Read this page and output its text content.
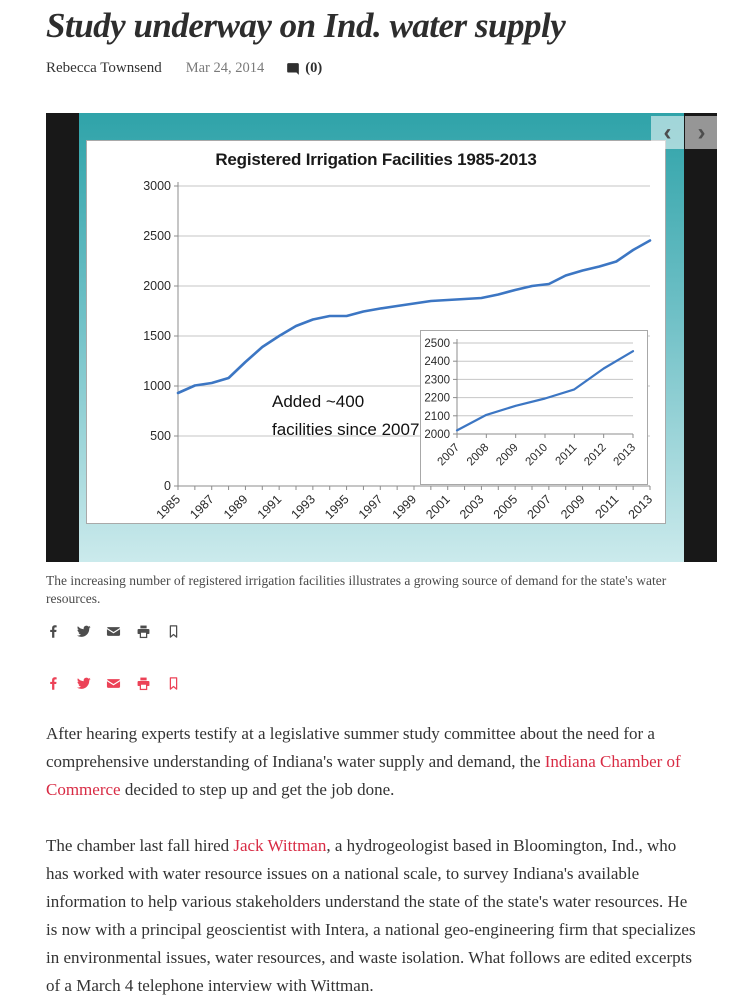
Study underway on Ind. water supply
Rebecca Townsend Mar 24, 2014	(0)
Registered Irrigation Facilities 1985-2013
0
500
1000
1500
2000
2500
3000
1985 1987 1989 1991 1993 1995 1997 1999 2001 2003 2005 2007 2009 2011 2013
Added ~400
facilities since 2007 2000
2100
2200
2300
2400
2500
2007 2008 2009 2010 2011 2012 2013
‹ ›
The increasing number of registered irrigation facilities illustrates a growing source of demand for the state's water resources.

After hearing experts testify at a legislative summer study committee about the need for a comprehensive understanding of Indiana's water supply and demand, the Indiana Chamber of Commerce decided to step up and get the job done.

The chamber last fall hired Jack Wittman, a hydrogeologist based in Bloomington, Ind., who has worked with water resource issues on a national scale, to survey Indiana's available information to help various stakeholders understand the state of the state's water resources. He is now with a principal geoscientist with Intera, a national geo-engineering firm that specializes in environmental issues, water resources, and waste isolation. What follows are edited excerpts of a March 4 telephone interview with Wittman.
